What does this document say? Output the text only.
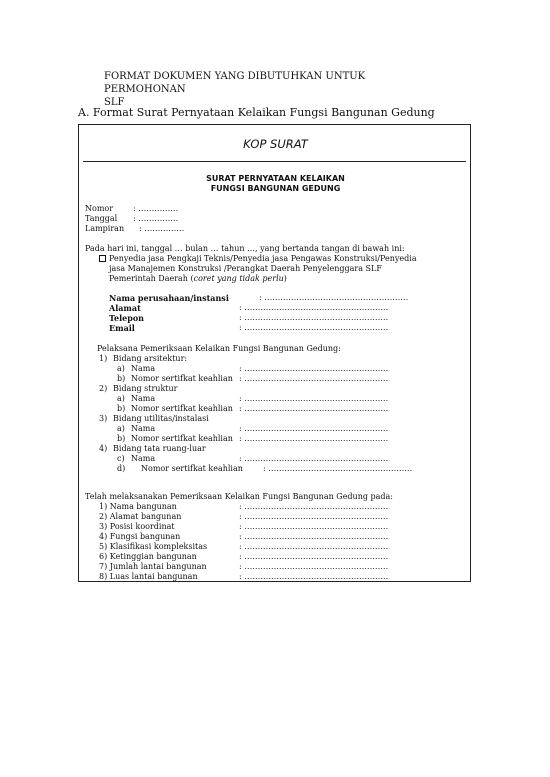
FORMAT DOKUMEN YANG DIBUTUHKAN UNTUK PERMOHONAN
SLF
A. Format Surat Pernyataan Kelaikan Fungsi Bangunan Gedung
KOP SURAT
SURAT PERNYATAAN KELAIKAN
FUNGSI BANGUNAN GEDUNG
Nomor : ……………
Tanggal : ……………
Lampiran : ……………
Pada hari ini, tanggal … bulan … tahun …, yang bertanda tangan di bawah ini:
Penyedia jasa Pengkaji Teknis/Penyedia jasa Pengawas Konstruksi/Penyedia
jasa Manajemen Konstruksi /Perangkat Daerah Penyelenggara SLF
Pemerintah Daerah (coret yang tidak perlu)
Nama perusahaan/instansi	: ………………………………………………
Alamat	: ………………………………………………
Telepon	: ………………………………………………
Email	: ………………………………………………
Pelaksana Pemeriksaan Kelaikan Fungsi Bangunan Gedung:
1) Bidang arsitektur:
a) Nama	: ………………………………………………
b) Nomor sertifkat keahlian : ………………………………………………
2) Bidang struktur
a) Nama	: ………………………………………………
b) Nomor sertifkat keahlian : ………………………………………………
3) Bidang utilitas/instalasi
a) Nama	: ………………………………………………
b) Nomor sertifkat keahlian : ………………………………………………
4) Bidang tata ruang-luar
c) Nama	: ………………………………………………
d) Nomor sertifkat keahlian	: ………………………………………………
Telah melaksanakan Pemeriksaan Kelaikan Fungsi Bangunan Gedung pada:
1) Nama bangunan	: ………………………………………………
2) Alamat bangunan	: ………………………………………………
3) Posisi koordinat	: ………………………………………………
4) Fungsi bangunan	: ………………………………………………
5) Klasifikasi kompleksitas	: ………………………………………………
6) Ketinggian bangunan	: ………………………………………………
7) Jumlah lantai bangunan	: ………………………………………………
8) Luas lantai bangunan	: ………………………………………………
